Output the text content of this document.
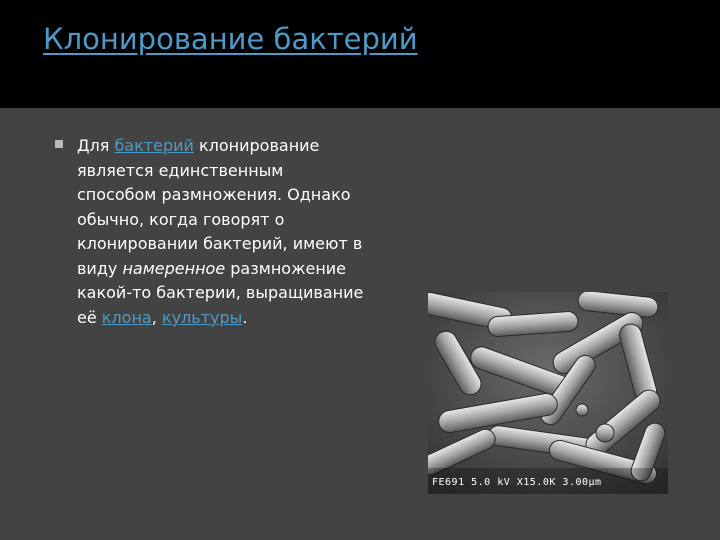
Клонирование бактерий
Для бактерий клонирование является единственным способом размножения. Однако обычно, когда говорят о клонировании бактерий, имеют в виду намеренное размножение какой-то бактерии, выращивание её клона, культуры.
FE691 5.0 kV X15.0K 3.00μm
